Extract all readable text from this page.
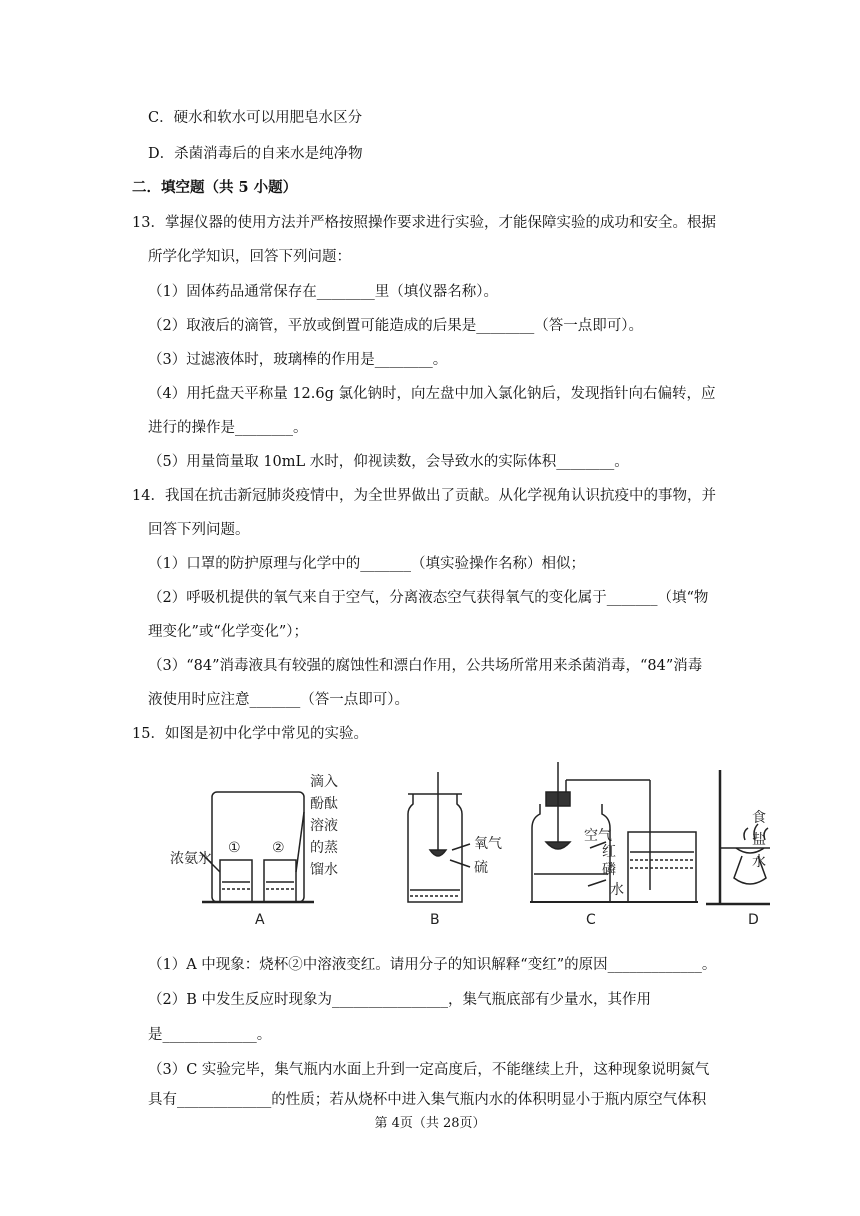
C．硬水和软水可以用肥皂水区分
D．杀菌消毒后的自来水是纯净物
二．填空题（共 5 小题）
13．掌握仪器的使用方法并严格按照操作要求进行实验，才能保障实验的成功和安全。根据
所学化学知识，回答下列问题：
（1）固体药品通常保存在________里（填仪器名称）。
（2）取液后的滴管，平放或倒置可能造成的后果是________（答一点即可）。
（3）过滤液体时，玻璃棒的作用是________。
（4）用托盘天平称量 12.6g 氯化钠时，向左盘中加入氯化钠后，发现指针向右偏转，应
进行的操作是________。
（5）用量筒量取 10mL 水时，仰视读数，会导致水的实际体积________。
14．我国在抗击新冠肺炎疫情中，为全世界做出了贡献。从化学视角认识抗疫中的事物，并
回答下列问题。
（1）口罩的防护原理与化学中的_______（填实验操作名称）相似；
（2）呼吸机提供的氧气来自于空气，分离液态空气获得氧气的变化属于_______（填“物
理变化”或“化学变化”）；
（3）“84”消毒液具有较强的腐蚀性和漂白作用，公共场所常用来杀菌消毒，“84”消毒
液使用时应注意_______（答一点即可）。
15．如图是初中化学中常见的实验。
浓氨水
① ②
滴入
酚酞
溶液
的蒸
馏水
A
氧气
硫
B
空气
红
磷
水
C
食
盐
水
D
（1）A 中现象：烧杯②中溶液变红。请用分子的知识解释“变红”的原因_____________。
（2）B 中发生反应时现象为________________，集气瓶底部有少量水，其作用
是_____________。
（3）C 实验完毕，集气瓶内水面上升到一定高度后，不能继续上升，这种现象说明氮气
具有_____________的性质；若从烧杯中进入集气瓶内水的体积明显小于瓶内原空气体积
第 4页（共 28页）
